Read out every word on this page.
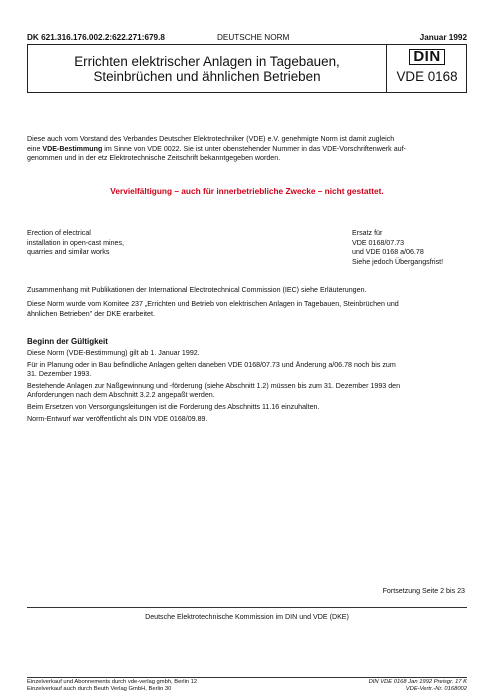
DK 621.316.176.002.2:622.271:679.8	DEUTSCHE NORM	Januar 1992
Errichten elektrischer Anlagen in Tagebauen,
Steinbrüchen und ähnlichen Betrieben
DIN
VDE 0168
Diese auch vom Vorstand des Verbandes Deutscher Elektrotechniker (VDE) e.V. genehmigte Norm ist damit zugleich
eine VDE-Bestimmung im Sinne von VDE 0022. Sie ist unter obenstehender Nummer in das VDE-Vorschriftenwerk auf-
genommen und in der etz Elektrotechnische Zeitschrift bekanntgegeben worden.
Vervielfältigung – auch für innerbetriebliche Zwecke – nicht gestattet.
Erection of electrical
installation in open-cast mines,
quarries and similar works
Ersatz für
VDE 0168/07.73
und VDE 0168 a/06.78
Siehe jedoch Übergangsfrist!
Zusammenhang mit Publikationen der International Electrotechnical Commission (IEC) siehe Erläuterungen.
Diese Norm wurde vom Komitee 237 „Errichten und Betrieb von elektrischen Anlagen in Tagebauen, Steinbrüchen und
ähnlichen Betrieben" der DKE erarbeitet.
Beginn der Gültigkeit
Diese Norm (VDE-Bestimmung) gilt ab 1. Januar 1992.
Für in Planung oder in Bau befindliche Anlagen gelten daneben VDE 0168/07.73 und Änderung a/06.78 noch bis zum
31. Dezember 1993.
Bestehende Anlagen zur Naßgewinnung und -förderung (siehe Abschnitt 1.2) müssen bis zum 31. Dezember 1993 den
Anforderungen nach dem Abschnitt 3.2.2 angepaßt werden.
Beim Ersetzen von Versorgungsleitungen ist die Forderung des Abschnitts 11.16 einzuhalten.
Norm-Entwurf war veröffentlicht als DIN VDE 0168/09.89.
Fortsetzung Seite 2 bis 23
Deutsche Elektrotechnische Kommission im DIN und VDE (DKE)
Einzelverkauf und Abonnements durch vde-verlag gmbh, Berlin 12
Einzelverkauf auch durch Beuth Verlag GmbH, Berlin 30
DIN VDE 0168 Jan 1992 Preisgr. 17 K
VDE-Vertr.-Nr. 0168002
